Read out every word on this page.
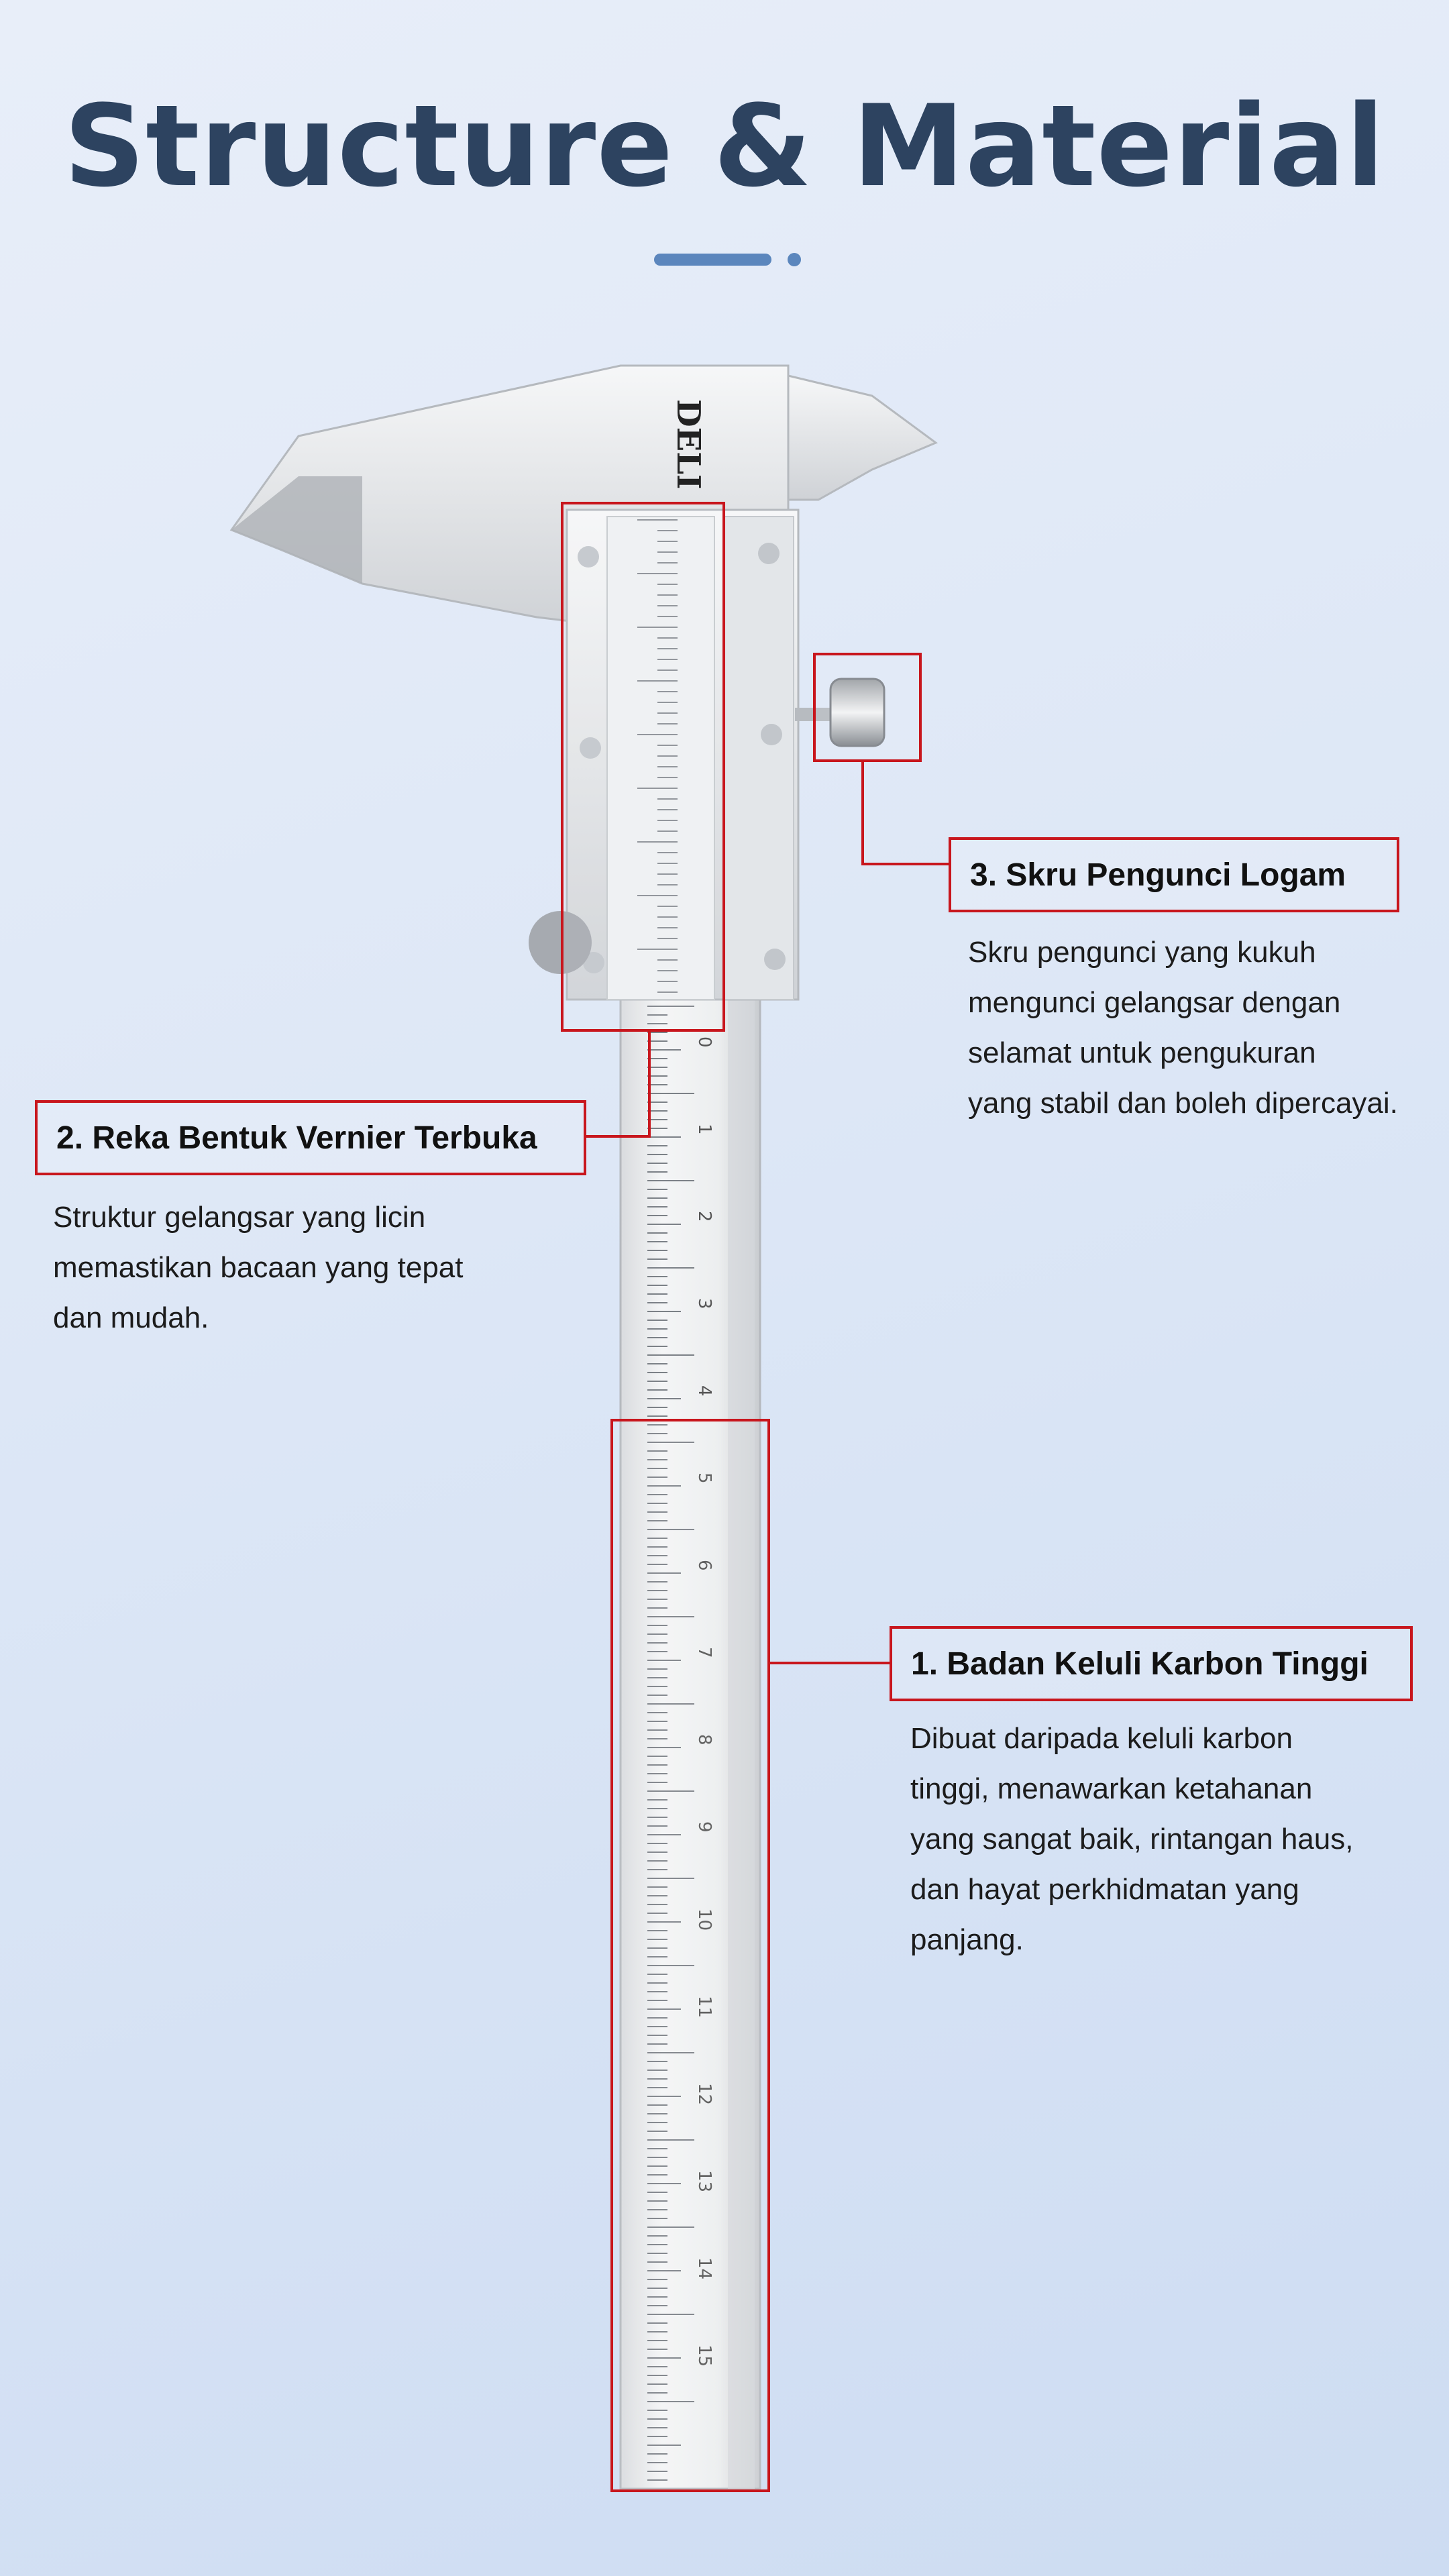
Structure & Material
DELI
0
1
2
3
4
5
6
7
8
9
10
11
12
13
14
15
3. Skru Pengunci Logam
Skru pengunci yang kukuh
mengunci gelangsar dengan
selamat untuk pengukuran
yang stabil dan boleh dipercayai.
2. Reka Bentuk Vernier Terbuka
Struktur gelangsar yang licin
memastikan bacaan yang tepat
dan mudah.
1. Badan Keluli Karbon Tinggi
Dibuat daripada keluli karbon
tinggi, menawarkan ketahanan
yang sangat baik, rintangan haus,
dan hayat perkhidmatan yang
panjang.
